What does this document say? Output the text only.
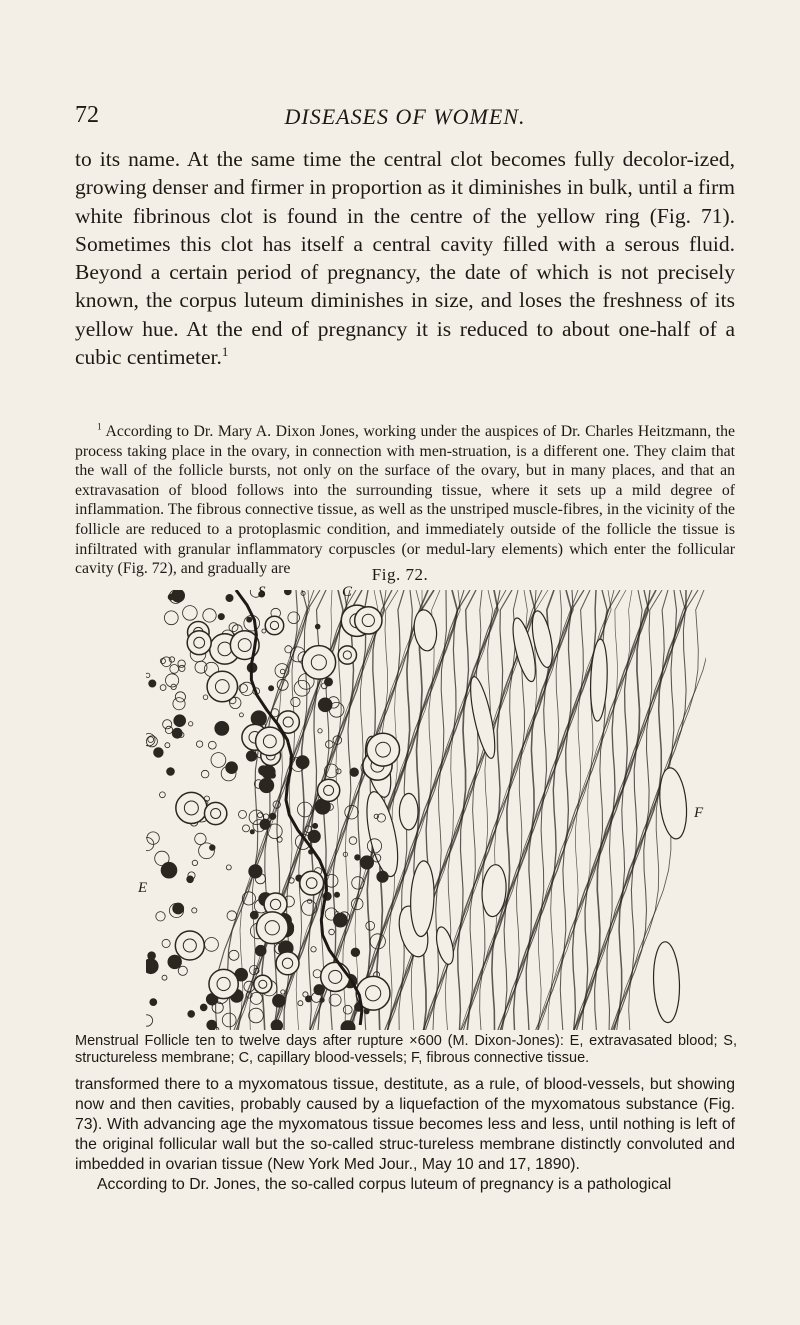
72	DISEASES OF WOMEN.

to its name. At the same time the central clot becomes fully decolor-ized, growing denser and firmer in proportion as it diminishes in bulk, until a firm white fibrinous clot is found in the centre of the yellow ring (Fig. 71). Sometimes this clot has itself a central cavity filled with a serous fluid. Beyond a certain period of pregnancy, the date of which is not precisely known, the corpus luteum diminishes in size, and loses the freshness of its yellow hue. At the end of pregnancy it is reduced to about one-half of a cubic centimeter.$^1$

$^1$ According to Dr. Mary A. Dixon Jones, working under the auspices of Dr. Charles Heitzmann, the process taking place in the ovary, in connection with men-struation, is a different one. They claim that the wall of the follicle bursts, not only on the surface of the ovary, but in many places, and that an extravasation of blood follows into the surrounding tissue, where it sets up a mild degree of inflammation. The fibrous connective tissue, as well as the unstriped muscle-fibres, in the vicinity of the follicle are reduced to a protoplasmic condition, and immediately outside of the follicle the tissue is infiltrated with granular inflammatory corpuscles (or medul-lary elements) which enter the follicular cavity (Fig. 72), and gradually are	Fig. 72.
S	C
F
E

Menstrual Follicle ten to twelve days after rupture ×600 (M. Dixon-Jones): E, extravasated blood; S, structureless membrane; C, capillary blood-vessels; F, fibrous connective tissue.

transformed there to a myxomatous tissue, destitute, as a rule, of blood-vessels, but showing now and then cavities, probably caused by a liquefaction of the myxomatous substance (Fig. 73). With advancing age the myxomatous tissue becomes less and less, until nothing is left of the original follicular wall but the so-called struc-tureless membrane distinctly convoluted and imbedded in ovarian tissue (New York Med Jour., May 10 and 17, 1890).
According to Dr. Jones, the so-called corpus luteum of pregnancy is a pathological
